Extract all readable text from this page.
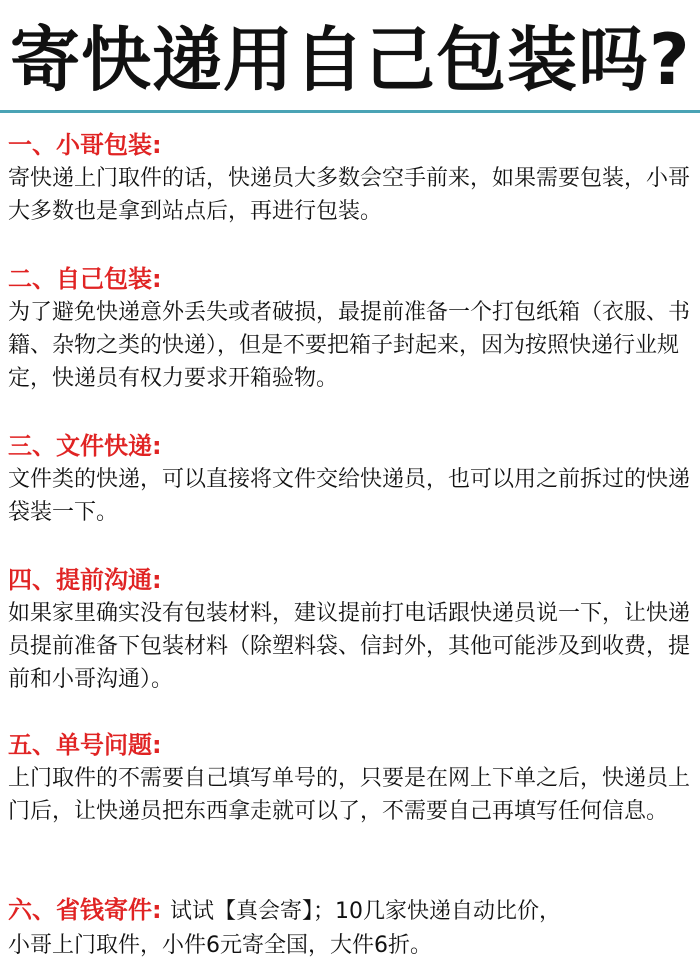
寄快递用自己包装吗?
一、小哥包装:
寄快递上门取件的话，快递员大多数会空手前来，如果需要包装，小哥大多数也是拿到站点后，再进行包装。
二、自己包装:
为了避免快递意外丢失或者破损，最提前准备一个打包纸箱（衣服、书籍、杂物之类的快递），但是不要把箱子封起来，因为按照快递行业规定，快递员有权力要求开箱验物。
三、文件快递:
文件类的快递，可以直接将文件交给快递员，也可以用之前拆过的快递袋装一下。
四、提前沟通:
如果家里确实没有包装材料，建议提前打电话跟快递员说一下，让快递员提前准备下包装材料（除塑料袋、信封外，其他可能涉及到收费，提前和小哥沟通）。
五、单号问题:
上门取件的不需要自己填写单号的，只要是在网上下单之后，快递员上门后，让快递员把东西拿走就可以了，不需要自己再填写任何信息。
六、省钱寄件: 试试【真会寄】；10几家快递自动比价，
小哥上门取件，小件6元寄全国，大件6折。
